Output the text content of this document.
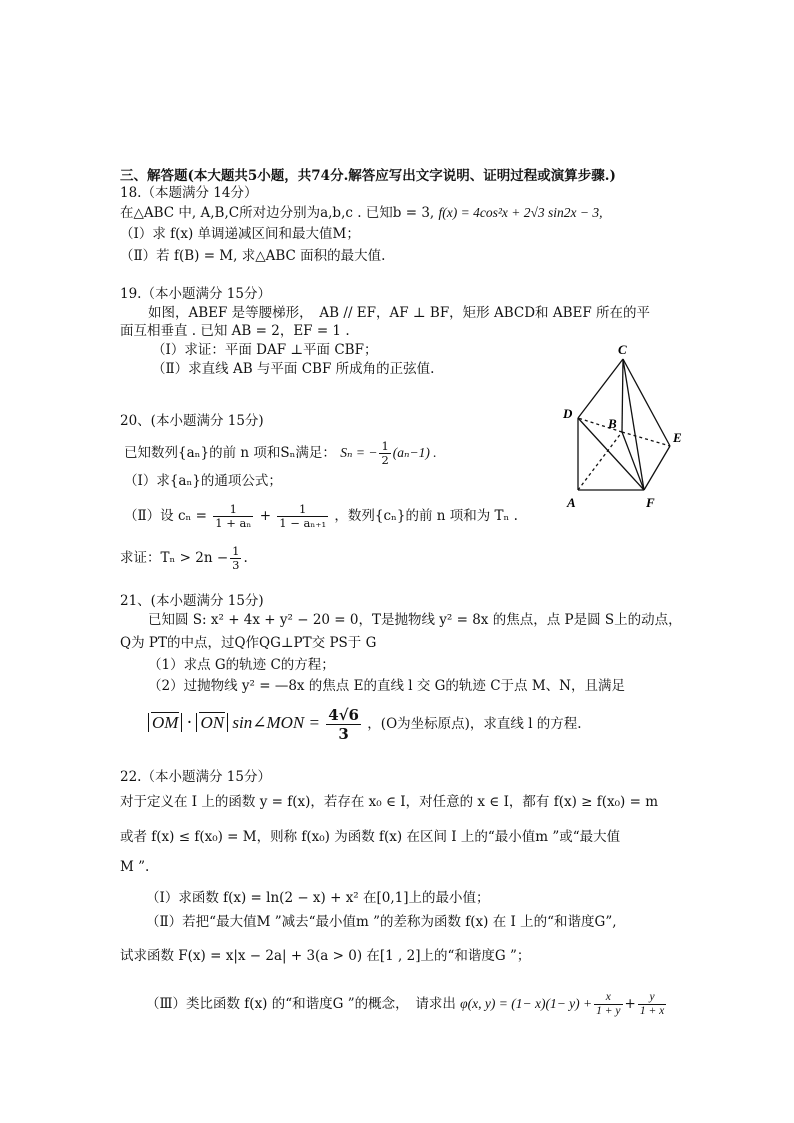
三、解答题(本大题共5小题，共74分.解答应写出文字说明、证明过程或演算步骤.)
18.（本题满分 14分）
在△ABC 中, A,B,C所对边分别为a,b,c . 已知b = 3, f(x) = 4cos²x + 2√3 sin2x − 3,
（Ⅰ）求 f(x) 单调递减区间和最大值M；
（Ⅱ）若 f(B) = M, 求△ABC 面积的最大值.
19.（本小题满分 15分）
如图，ABEF 是等腰梯形，　AB // EF，AF ⊥ BF，矩形 ABCD和 ABEF 所在的平
面互相垂直 . 已知 AB = 2，EF = 1 .
（Ⅰ）求证：平面 DAF ⊥平面 CBF；
（Ⅱ）求直线 AB 与平面 CBF 所成角的正弦值.
C
D
B
E
A	F
20、(本小题满分 15分)
已知数列{aₙ}的前 n 项和Sₙ满足： Sₙ = − $\frac{1}{2} (a_n-1)$ .
（Ⅰ）求{aₙ}的通项公式；
（Ⅱ）设 $c_n = \frac{1}{\text{1 + aₙ}} + \frac{1}{\text{1 − aₙ₊₁}}$ ，数列{cₙ}的前 n 项和为 Tₙ .
求证：$T_n > 2n - \frac{1}{3}$ .
21、(本小题满分 15分)
已知圆 S: x² + 4x + y² − 20 = 0，T是抛物线 y² = 8x 的焦点，点 P是圆 S上的动点，
Q为 PT的中点，过Q作QG⊥PT交 PS于 G
（1）求点 G的轨迹 C的方程；
（2）过抛物线 y² = —8x 的焦点 E的直线 l 交 G的轨迹 C于点 M、N，且满足
OM · ON sin∠MON = $\frac{4√6}{3}$ ，(O为坐标原点)，求直线 l 的方程.
22.（本小题满分 15分）
对于定义在 I 上的函数 y = f(x)，若存在 x₀ ∈ I，对任意的 x ∈ I，都有 f(x) ≥ f(x₀) = m
或者 f(x) ≤ f(x₀) = M，则称 f(x₀) 为函数 f(x) 在区间 I 上的“最小值m ”或“最大值
M ”.
（Ⅰ）求函数 f(x) = ln(2 − x) + x² 在[0,1]上的最小值；
（Ⅱ）若把“最大值M ”减去“最小值m ”的差称为函数 f(x) 在 I 上的“和谐度G”,
试求函数 F(x) = x|x − 2a| + 3(a > 0) 在[1 , 2]上的“和谐度G ”；
（Ⅲ）类比函数 f(x) 的“和谐度G ”的概念，　请求出 φ(x, $y) = (1- x)(1- y) + \frac{x}{1 + y} + \frac{y}{1 + x}$
